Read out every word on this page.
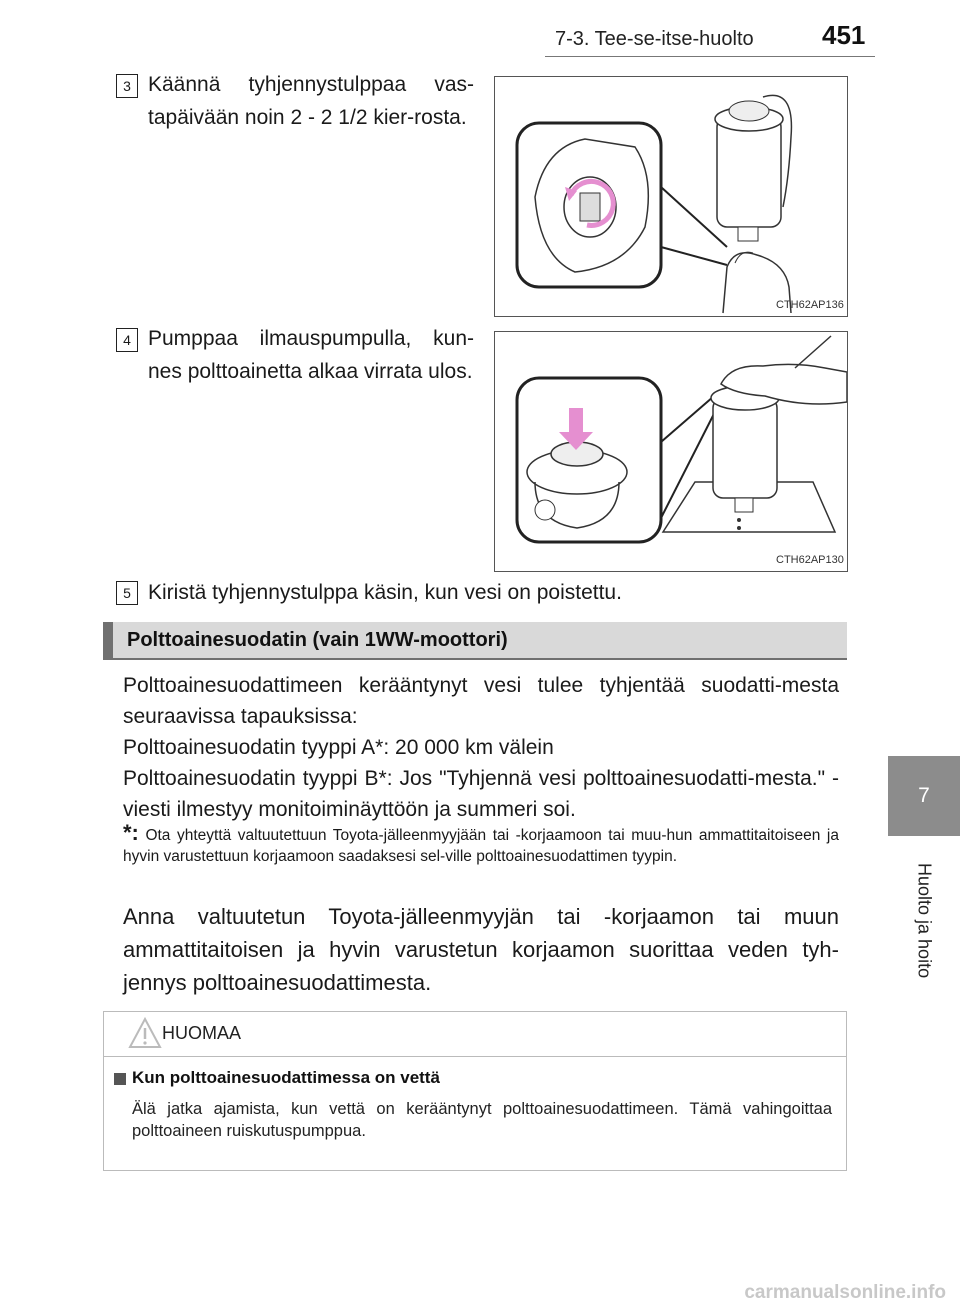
7-3. Tee-se-itse-huolto	451
7
Huolto ja hoito
3 Käännä tyhjennystulppaa vas-tapäivään noin 2 - 2 1/2 kier-rosta.
CTH62AP136
4 Pumppaa ilmauspumpulla, kun-nes polttoainetta alkaa virrata ulos.
CTH62AP130
5 Kiristä tyhjennystulppa käsin, kun vesi on poistettu.
Polttoainesuodatin (vain 1WW-moottori)
Polttoainesuodattimeen kerääntynyt vesi tulee tyhjentää suodatti-mesta seuraavissa tapauksissa:
Polttoainesuodatin tyyppi A*: 20 000 km välein
Polttoainesuodatin tyyppi B*: Jos "Tyhjennä vesi polttoainesuodatti-mesta." -viesti ilmestyy monitoiminäyttöön ja summeri soi.
*: Ota yhteyttä valtuutettuun Toyota-jälleenmyyjään tai -korjaamoon tai muu-hun ammattitaitoiseen ja hyvin varustettuun korjaamoon saadaksesi sel-ville polttoainesuodattimen tyypin.
Anna valtuutetun Toyota-jälleenmyyjän tai -korjaamon tai muun ammattitaitoisen ja hyvin varustetun korjaamon suorittaa veden tyh-jennys polttoainesuodattimesta.
HUOMAA
Kun polttoainesuodattimessa on vettä
Älä jatka ajamista, kun vettä on kerääntynyt polttoainesuodattimeen. Tämä vahingoittaa polttoaineen ruiskutuspumppua.
carmanualsonline.info
